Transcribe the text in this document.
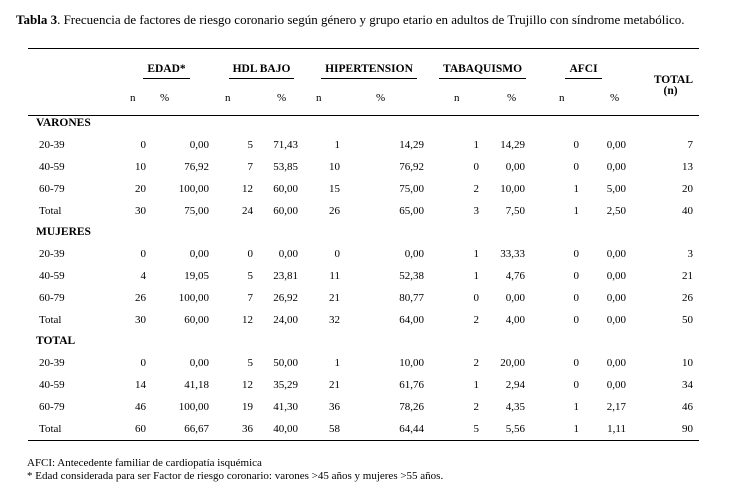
Tabla 3. Frecuencia de factores de riesgo coronario según género y grupo etario en adultos de Trujillo con síndrome metabólico.
	EDAD*		HDL BAJO		HIPERTENSION		TABAQUISMO		AFCI		TOTAL
(n)

	n	%	n	%	n	%	n	%	n	%	
VARONES											
20-39	0	0,00	5	71,43	1	14,29	1	14,29	0	0,00	7
40-59	10	76,92	7	53,85	10	76,92	0	0,00	0	0,00	13
60-79	20	100,00	12	60,00	15	75,00	2	10,00	1	5,00	20
Total	30	75,00	24	60,00	26	65,00	3	7,50	1	2,50	40
MUJERES											
20-39	0	0,00	0	0,00	0	0,00	1	33,33	0	0,00	3
40-59	4	19,05	5	23,81	11	52,38	1	4,76	0	0,00	21
60-79	26	100,00	7	26,92	21	80,77	0	0,00	0	0,00	26
Total	30	60,00	12	24,00	32	64,00	2	4,00	0	0,00	50
TOTAL											
20-39	0	0,00	5	50,00	1	10,00	2	20,00	0	0,00	10
40-59	14	41,18	12	35,29	21	61,76	1	2,94	0	0,00	34
60-79	46	100,00	19	41,30	36	78,26	2	4,35	1	2,17	46
Total	60	66,67	36	40,00	58	64,44	5	5,56	1	1,11	90
AFCI: Antecedente familiar de cardiopatía isquémica
* Edad considerada para ser Factor de riesgo coronario: varones >45 años y mujeres >55 años.
